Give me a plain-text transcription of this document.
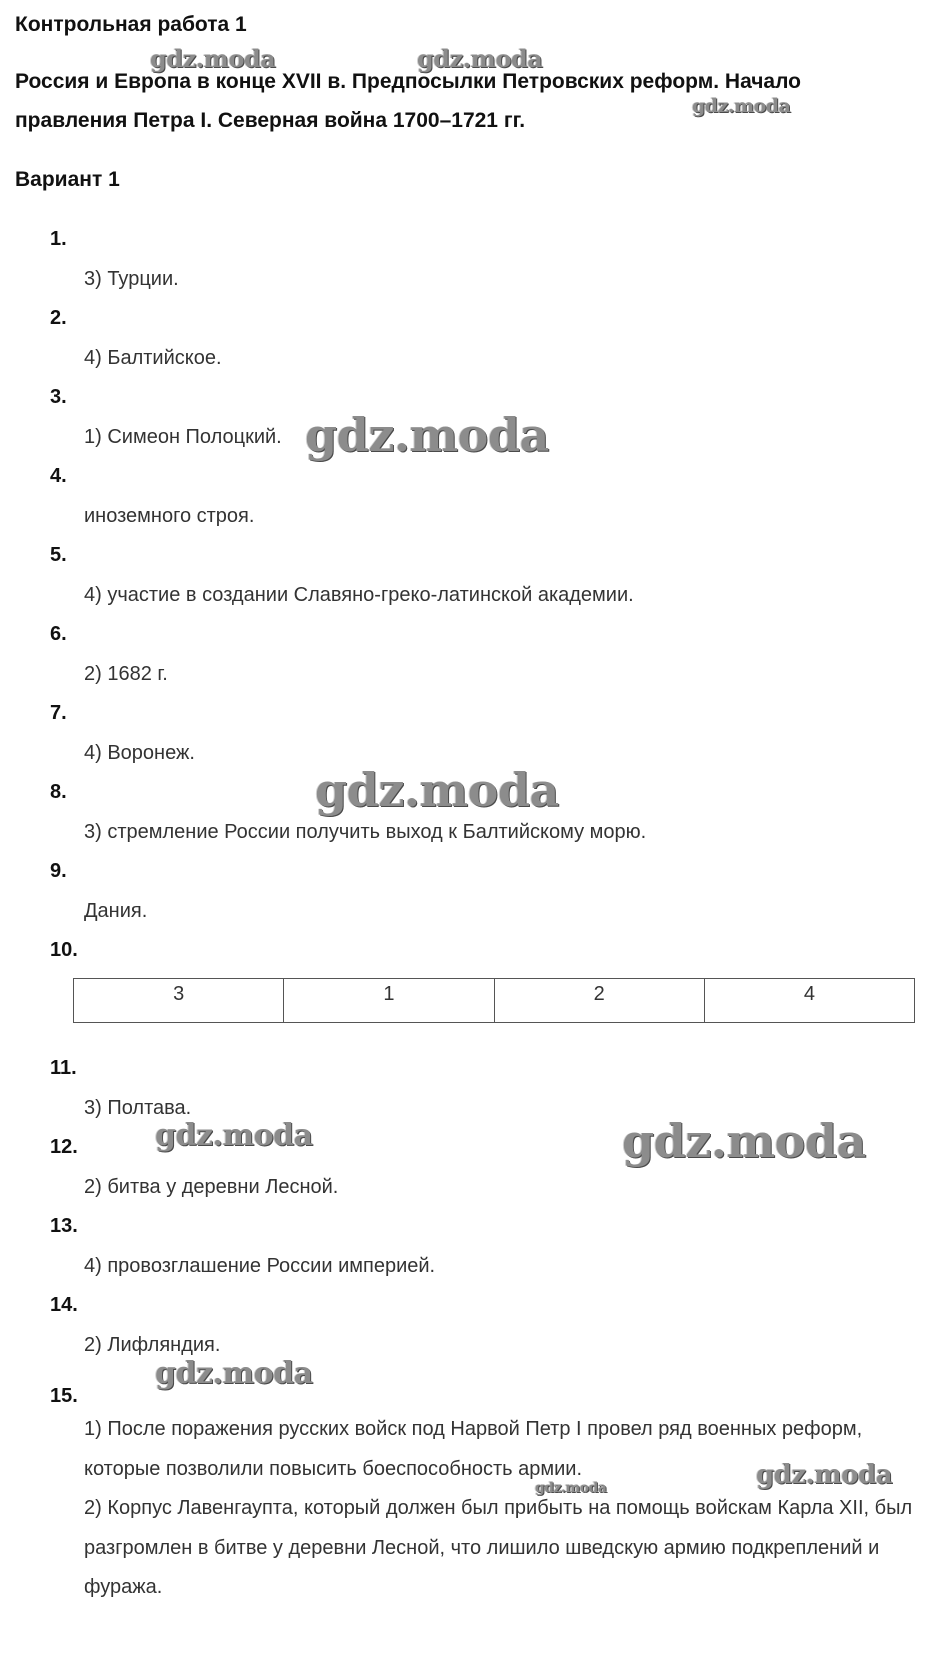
Контрольная работа 1
Россия и Европа в конце XVII в. Предпосылки Петровских реформ. Начало
правления Петра I. Северная война 1700–1721 гг.
Вариант 1
1.
3) Турции.
2.
4) Балтийское.
3.
1) Симеон Полоцкий.
4.
иноземного строя.
5.
4) участие в создании Славяно-греко-латинской академии.
6.
2) 1682 г.
7.
4) Воронеж.
8.
3) стремление России получить выход к Балтийскому морю.
9.
Дания.
10.
3	1	2	4
11.
3) Полтава.
12.
2) битва у деревни Лесной.
13.
4) провозглашение России империей.
14.
2) Лифляндия.
15.
1) После поражения русских войск под Нарвой Петр I провел ряд военных реформ, которые позволили повысить боеспособность армии.
2) Корпус Лавенгаупта, который должен был прибыть на помощь войскам Карла XII, был разгромлен в битве у деревни Лесной, что лишило шведскую армию подкреплений и фуража.
gdz.moda	gdz.moda
gdz.moda
gdz.moda
gdz.moda
gdz.moda	gdz.moda
gdz.moda
gdz.moda
gdz.moda
